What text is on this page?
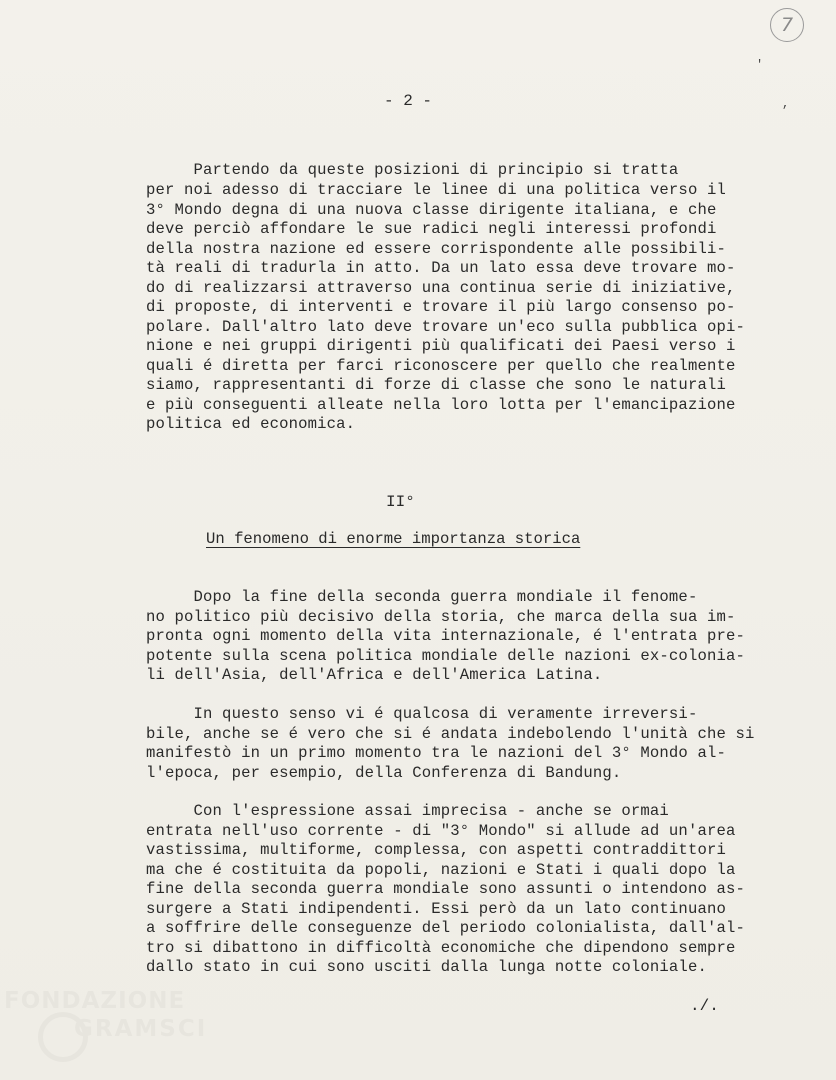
7
'
,
- 2 -
Partendo da queste posizioni di principio si tratta
per noi adesso di tracciare le linee di una politica verso il
3° Mondo degna di una nuova classe dirigente italiana, e che
deve perciò affondare le sue radici negli interessi profondi
della nostra nazione ed essere corrispondente alle possibili-
tà reali di tradurla in atto. Da un lato essa deve trovare mo-
do di realizzarsi attraverso una continua serie di iniziative,
di proposte, di interventi e trovare il più largo consenso po-
polare. Dall'altro lato deve trovare un'eco sulla pubblica opi-
nione e nei gruppi dirigenti più qualificati dei Paesi verso i
quali é diretta per farci riconoscere per quello che realmente
siamo, rappresentanti di forze di classe che sono le naturali
e più conseguenti alleate nella loro lotta per l'emancipazione
politica ed economica.
II°
Un fenomeno di enorme importanza storica
Dopo la fine della seconda guerra mondiale il fenome-
no politico più decisivo della storia, che marca della sua im-
pronta ogni momento della vita internazionale, é l'entrata pre-
potente sulla scena politica mondiale delle nazioni ex-colonia-
li dell'Asia, dell'Africa e dell'America Latina.
In questo senso vi é qualcosa di veramente irreversi-
bile, anche se é vero che si é andata indebolendo l'unità che si
manifestò in un primo momento tra le nazioni del 3° Mondo al-
l'epoca, per esempio, della Conferenza di Bandung.
Con l'espressione assai imprecisa - anche se ormai
entrata nell'uso corrente - di "3° Mondo" si allude ad un'area
vastissima, multiforme, complessa, con aspetti contraddittori
ma che é costituita da popoli, nazioni e Stati i quali dopo la
fine della seconda guerra mondiale sono assunti o intendono as-
surgere a Stati indipendenti. Essi però da un lato continuano
a soffrire delle conseguenze del periodo colonialista, dall'al-
tro si dibattono in difficoltà economiche che dipendono sempre
dallo stato in cui sono usciti dalla lunga notte coloniale.
./.
FONDAZIONE
GRAMSCI
